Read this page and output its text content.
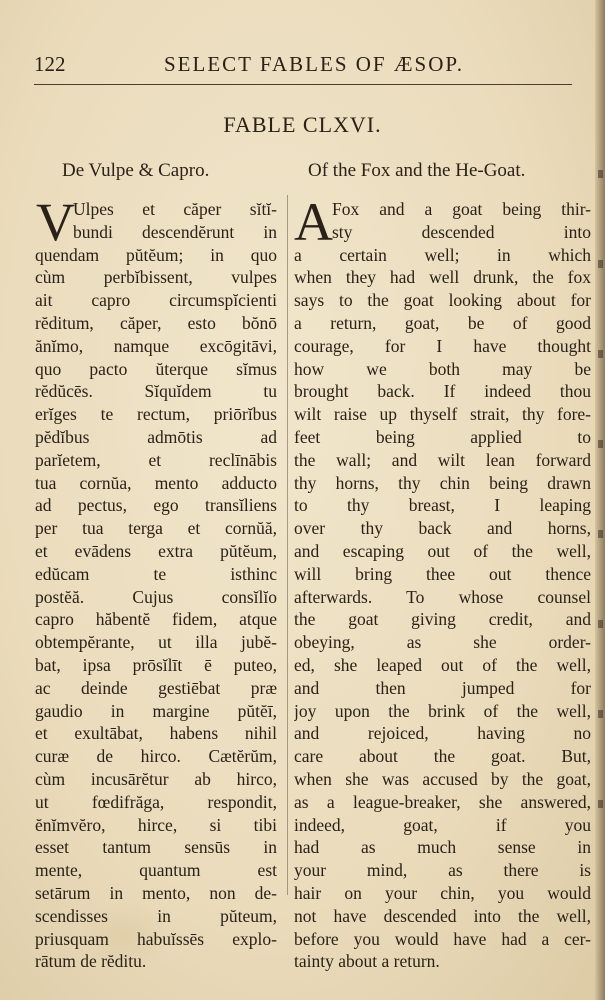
122	SELECT FABLES OF ÆSOP.
FABLE CLXVI.
De Vulpe & Capro.	Of the Fox and the He-Goat.
V	A
Ulpes et căper sĭtĭ-
bundi descendĕrunt in
quendam pŭtĕum; in quo
cùm perbĭbissent, vulpes
ait capro circumspĭcienti
rĕditum, căper, esto bŏnō
ănĭmo, namque excōgitāvi,
quo pacto ŭterque sĭmus
rĕdŭcēs. Sĭquĭdem tu
erĭges te rectum, priōrĭbus
pĕdĭbus admōtis ad
parĭetem, et reclīnābis
tua cornŭa, mento adducto
ad pectus, ego transĭliens
per tua terga et cornŭă,
et evādens extra pŭtĕum,
edŭcam te isthinc
postĕă. Cujus consĭlĭo
capro hăbentĕ fidem, atque
obtempĕrante, ut illa jubĕ-
bat, ipsa prōsĭlīt ē puteo,
ac deinde gestiēbat præ
gaudio in margine pŭtĕī,
et exultābat, habens nihil
curæ de hirco. Cætĕrŭm,
cùm incusārĕtur ab hirco,
ut fœdifrăga, respondit,
ĕnĭmvĕro, hirce, si tibi
esset tantum sensūs in
mente, quantum est
setārum in mento, non de-
scendisses in pŭteum,
priusquam habuĭssēs explo-
rātum de rĕditu.
Fox and a goat being thir-
sty descended into
a certain well; in which
when they had well drunk, the fox
says to the goat looking about for
a return, goat, be of good
courage, for I have thought
how we both may be
brought back. If indeed thou
wilt raise up thyself strait, thy fore-
feet being applied to
the wall; and wilt lean forward
thy horns, thy chin being drawn
to thy breast, I leaping
over thy back and horns,
and escaping out of the well,
will bring thee out thence
afterwards. To whose counsel
the goat giving credit, and
obeying, as she order-
ed, she leaped out of the well,
and then jumped for
joy upon the brink of the well,
and rejoiced, having no
care about the goat. But,
when she was accused by the goat,
as a league-breaker, she answered,
indeed, goat, if you
had as much sense in
your mind, as there is
hair on your chin, you would
not have descended into the well,
before you would have had a cer-
tainty about a return.
